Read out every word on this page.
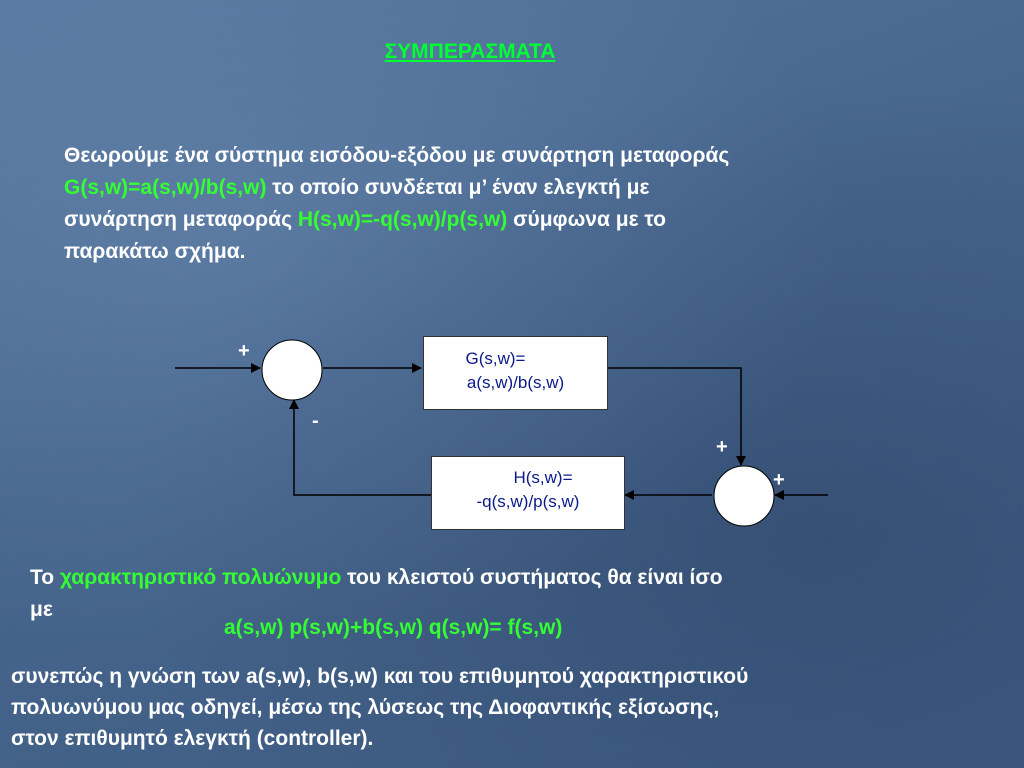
ΣΥΜΠΕΡΑΣΜΑΤΑ
Θεωρούμε ένα σύστημα εισόδου-εξόδου με συνάρτηση μεταφοράς
G(s,w)=a(s,w)/b(s,w) το οποίο συνδέεται μ’ έναν ελεγκτή με
συνάρτηση μεταφοράς H(s,w)=-q(s,w)/p(s,w) σύμφωνα με το
παρακάτω σχήμα.
G(s,w)=
a(s,w)/b(s,w)
H(s,w)=
-q(s,w)/p(s,w)
+
-
+
+
Το χαρακτηριστικό πολυώνυμο του κλειστού συστήματος θα είναι ίσο
με
a(s,w) p(s,w)+b(s,w) q(s,w)= f(s,w)
συνεπώς η γνώση των a(s,w), b(s,w) και του επιθυμητού χαρακτηριστικού
πολυωνύμου μας οδηγεί, μέσω της λύσεως της Διοφαντικής εξίσωσης,
στον επιθυμητό ελεγκτή (controller).
